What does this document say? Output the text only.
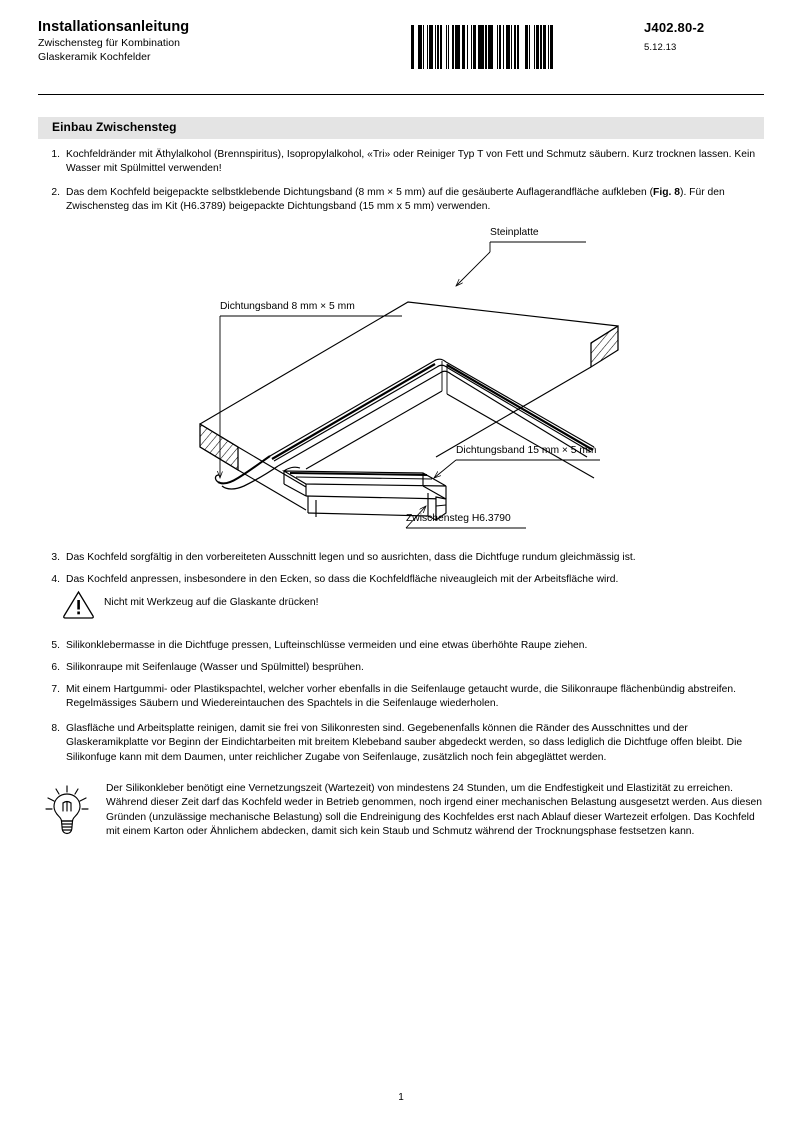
Installationsanleitung
Zwischensteg für Kombination
Glaskeramik Kochfelder
J402.80-2
5.12.13
Einbau Zwischensteg
1. Kochfeldränder mit Äthylalkohol (Brennspiritus), Isopropylalkohol, «Tri» oder Reiniger Typ T von Fett und Schmutz säubern. Kurz trocknen lassen. Kein Wasser mit Spülmittel verwenden!
2. Das dem Kochfeld beigepackte selbstklebende Dichtungsband (8 mm × 5 mm) auf die gesäuberte Auflagerandfläche aufkleben (Fig. 8). Für den Zwischensteg das im Kit (H6.3789) beigepackte Dichtungsband (15 mm x 5 mm) verwenden.
Steinplatte
Dichtungsband 8 mm × 5 mm
Dichtungsband 15 mm × 5 mm
Zwischensteg H6.3790
3. Das Kochfeld sorgfältig in den vorbereiteten Ausschnitt legen und so ausrichten, dass die Dichtfuge rundum gleichmässig ist.
4. Das Kochfeld anpressen, insbesondere in den Ecken, so dass die Kochfeldfläche niveaugleich mit der Arbeitsfläche wird.
Nicht mit Werkzeug auf die Glaskante drücken!
5. Silikonklebermasse in die Dichtfuge pressen, Lufteinschlüsse vermeiden und eine etwas überhöhte Raupe ziehen.
6. Silikonraupe mit Seifenlauge (Wasser und Spülmittel) besprühen.
7. Mit einem Hartgummi- oder Plastikspachtel, welcher vorher ebenfalls in die Seifenlauge getaucht wurde, die Silikonraupe flächenbündig abstreifen. Regelmässiges Säubern und Wiedereintauchen des Spachtels in die Seifenlauge wiederholen.
8. Glasfläche und Arbeitsplatte reinigen, damit sie frei von Silikonresten sind. Gegebenenfalls können die Ränder des Ausschnittes und der Glaskeramikplatte vor Beginn der Eindichtarbeiten mit breitem Klebeband sauber abgedeckt werden, so dass lediglich die Dichtfuge offen bleibt. Die Silikonfuge kann mit dem Daumen, unter reichlicher Zugabe von Seifenlauge, zusätzlich noch fein abgeglättet werden.
Der Silikonkleber benötigt eine Vernetzungszeit (Wartezeit) von mindestens 24 Stunden, um die Endfestigkeit und Elastizität zu erreichen. Während dieser Zeit darf das Kochfeld weder in Betrieb genommen, noch irgend einer mechanischen Belastung ausgesetzt werden. Aus diesen Gründen (unzulässige mechanische Belastung) soll die Endreinigung des Kochfeldes erst nach Ablauf dieser Wartezeit erfolgen. Das Kochfeld mit einem Karton oder Ähnlichem abdecken, damit sich kein Staub und Schmutz während der Trocknungsphase festsetzen kann.
1
